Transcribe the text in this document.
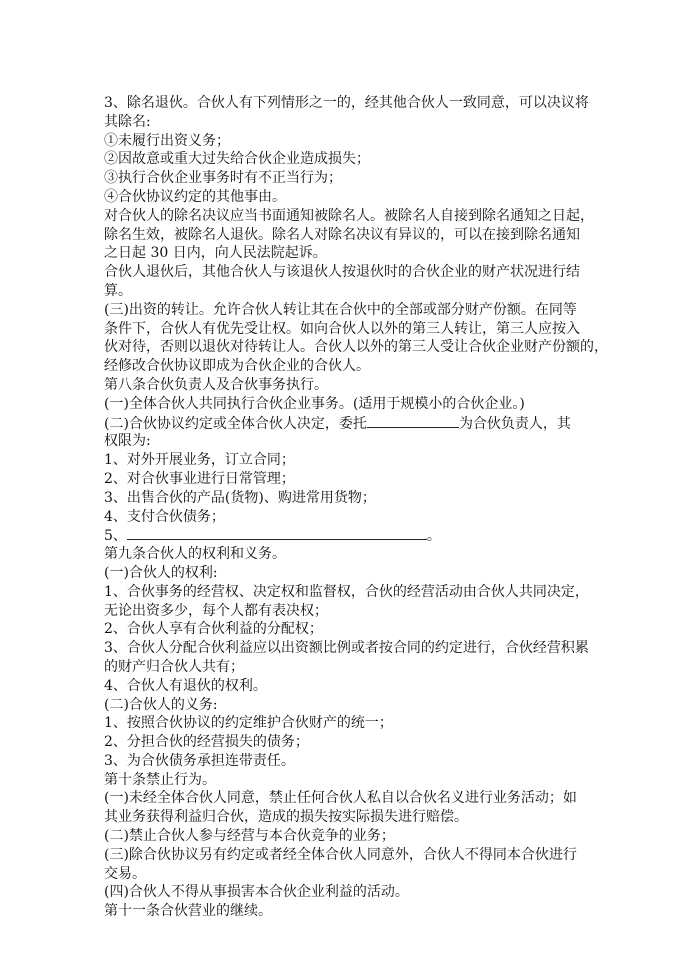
3、除名退伙。合伙人有下列情形之一的，经其他合伙人一致同意，可以决议将
其除名:
①未履行出资义务；
②因故意或重大过失给合伙企业造成损失；
③执行合伙企业事务时有不正当行为；
④合伙协议约定的其他事由。
对合伙人的除名决议应当书面通知被除名人。被除名人自接到除名通知之日起，
除名生效，被除名人退伙。除名人对除名决议有异议的，可以在接到除名通知
之日起 30 日内，向人民法院起诉。
合伙人退伙后，其他合伙人与该退伙人按退伙时的合伙企业的财产状况进行结
算。
(三)出资的转让。允许合伙人转让其在合伙中的全部或部分财产份额。在同等
条件下，合伙人有优先受让权。如向合伙人以外的第三人转让，第三人应按入
伙对待，否则以退伙对待转让人。合伙人以外的第三人受让合伙企业财产份额的，
经修改合伙协议即成为合伙企业的合伙人。
第八条合伙负责人及合伙事务执行。
(一)全体合伙人共同执行合伙企业事务。(适用于规模小的合伙企业。)
(二)合伙协议约定或全体合伙人决定，委托	为合伙负责人，其
权限为:
1、对外开展业务，订立合同；
2、对合伙事业进行日常管理；
3、出售合伙的产品(货物)、购进常用货物；
4、支付合伙债务；
5、	。
第九条合伙人的权利和义务。
(一)合伙人的权利:
1、合伙事务的经营权、决定权和监督权，合伙的经营活动由合伙人共同决定，
无论出资多少，每个人都有表决权；
2、合伙人享有合伙利益的分配权；
3、合伙人分配合伙利益应以出资额比例或者按合同的约定进行，合伙经营积累
的财产归合伙人共有；
4、合伙人有退伙的权利。
(二)合伙人的义务:
1、按照合伙协议的约定维护合伙财产的统一；
2、分担合伙的经营损失的债务；
3、为合伙债务承担连带责任。
第十条禁止行为。
(一)未经全体合伙人同意，禁止任何合伙人私自以合伙名义进行业务活动；如
其业务获得利益归合伙，造成的损失按实际损失进行赔偿。
(二)禁止合伙人参与经营与本合伙竞争的业务；
(三)除合伙协议另有约定或者经全体合伙人同意外，合伙人不得同本合伙进行
交易。
(四)合伙人不得从事损害本合伙企业利益的活动。
第十一条合伙营业的继续。
